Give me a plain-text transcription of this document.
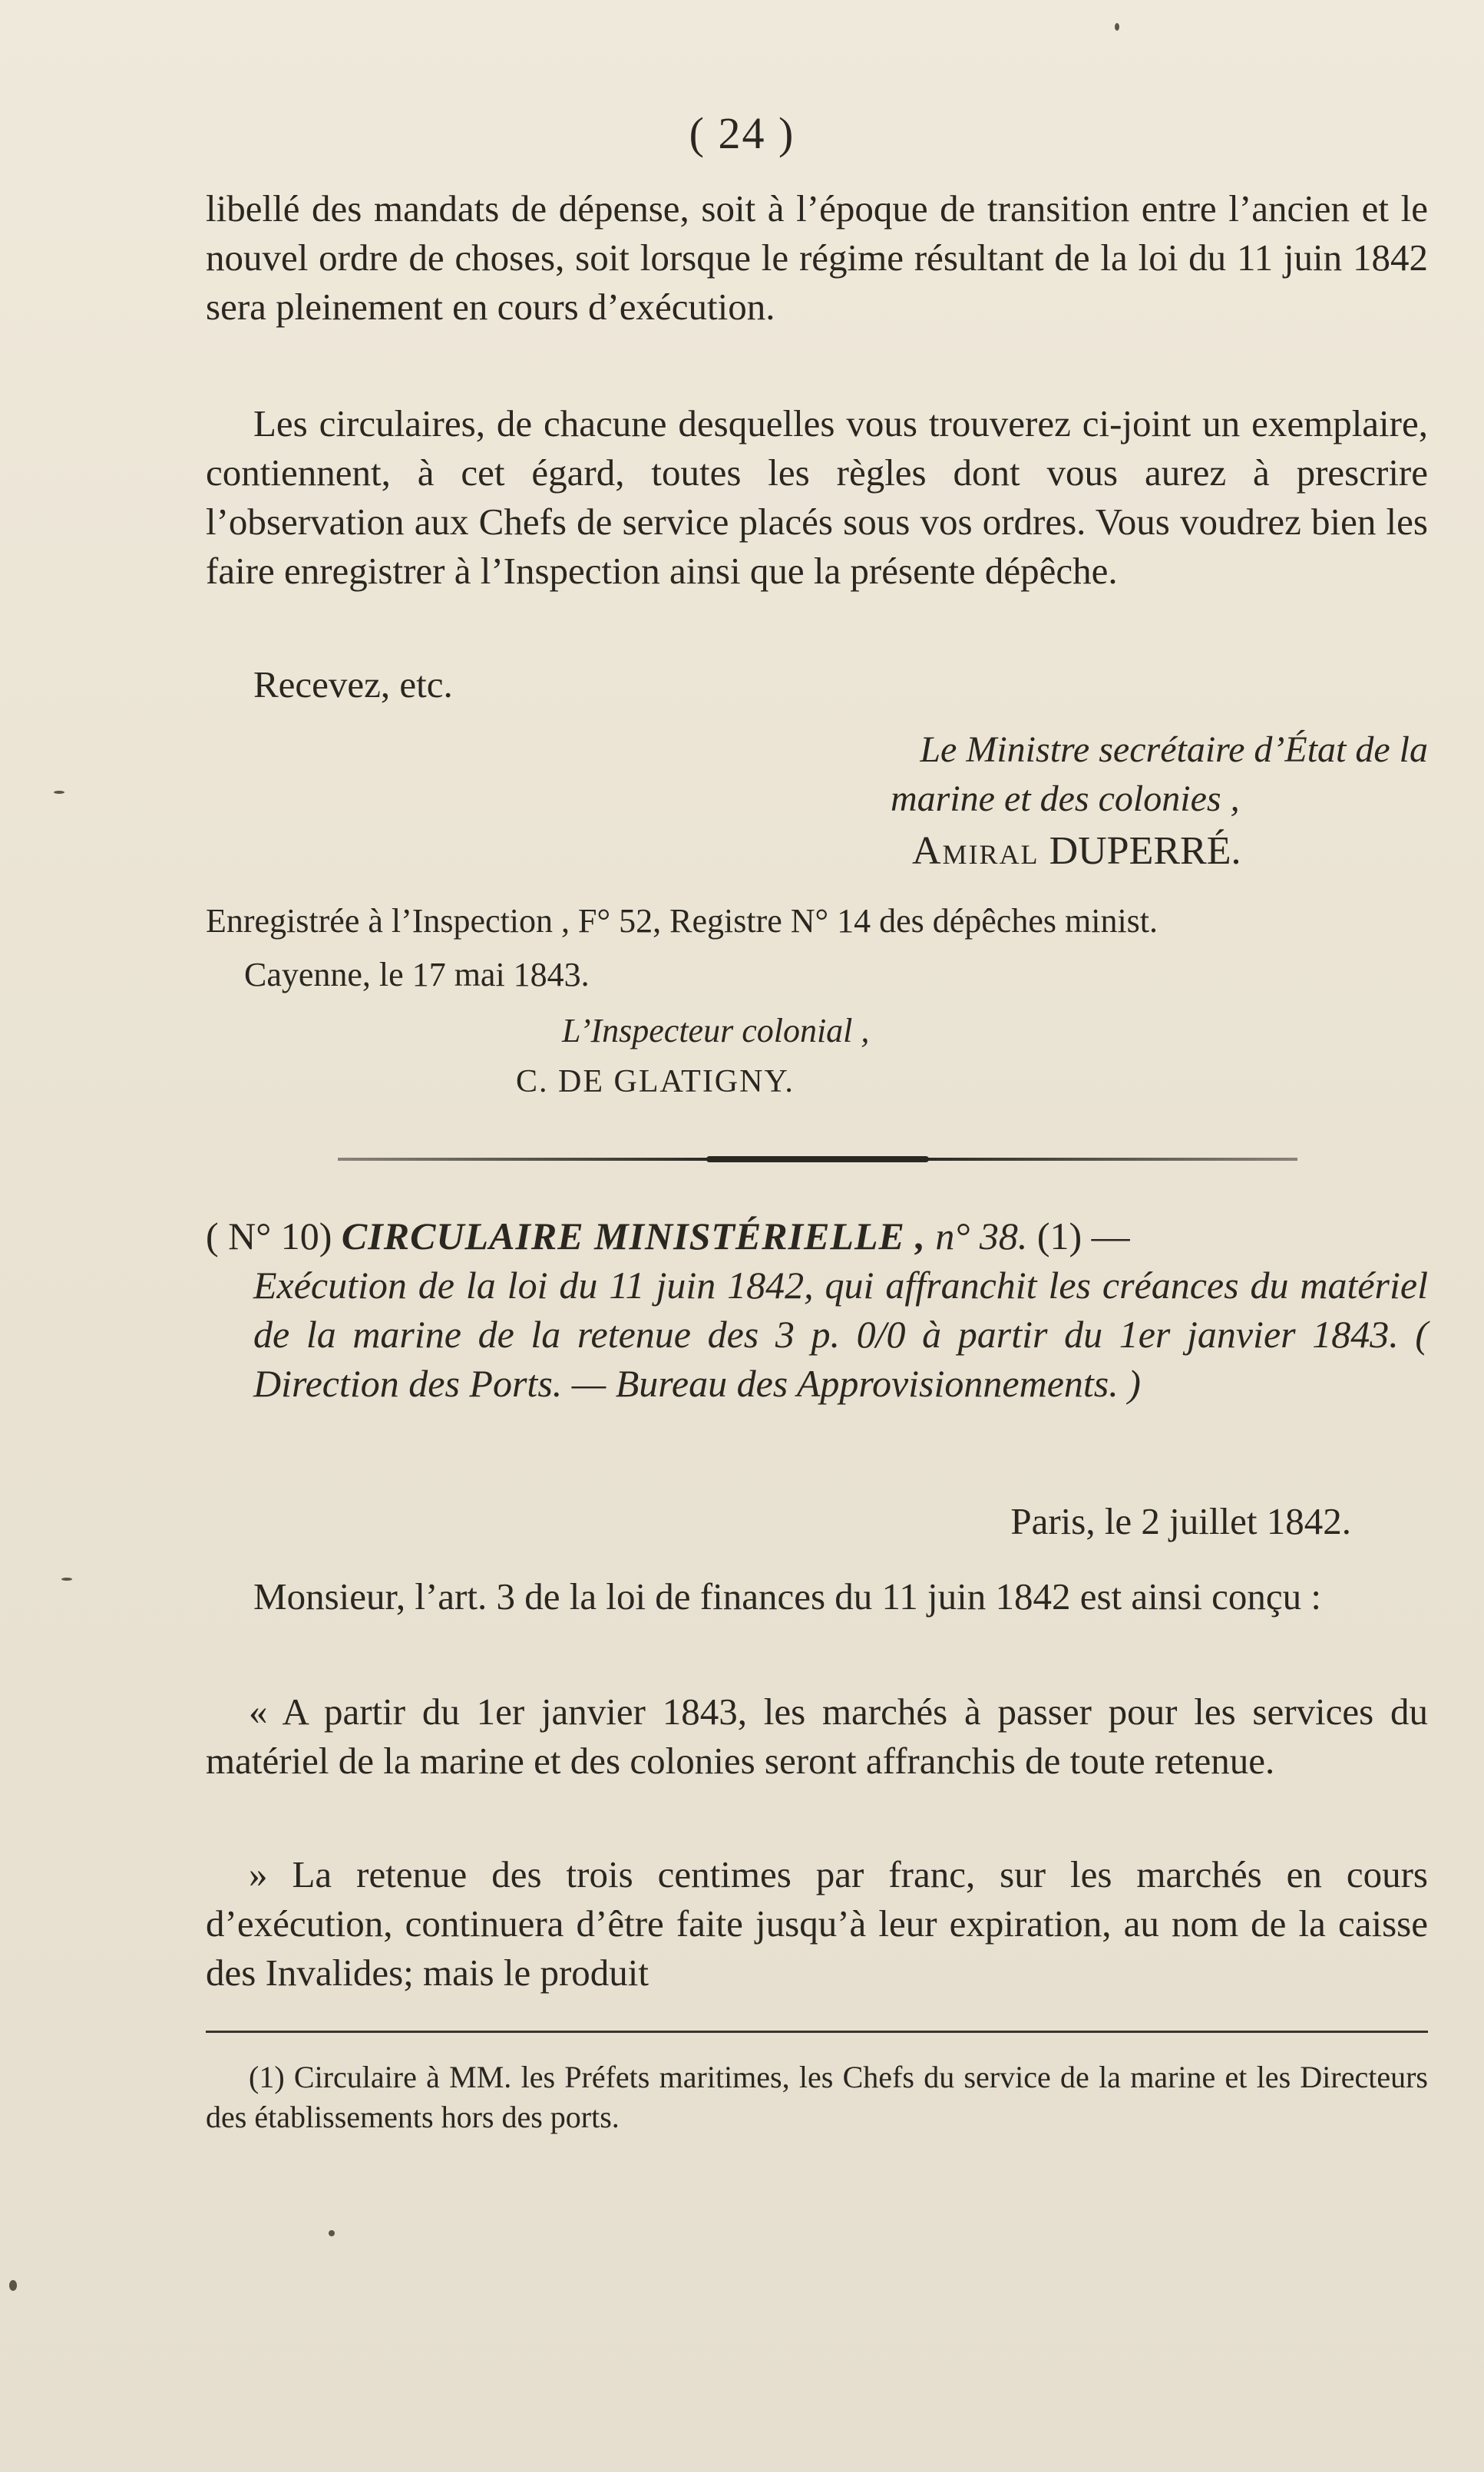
( 24 )

libellé des mandats de dépense, soit à l’époque de transition entre l’ancien et le nouvel ordre de choses, soit lorsque le régime résultant de la loi du 11 juin 1842 sera pleinement en cours d’exécution.

Les circulaires, de chacune desquelles vous trouverez ci-joint un exemplaire, contiennent, à cet égard, toutes les règles dont vous aurez à prescrire l’observation aux Chefs de service placés sous vos ordres. Vous voudrez bien les faire enregistrer à l’Inspection ainsi que la présente dépêche.

Recevez, etc.

Le Ministre secrétaire d’État de la
marine et des colonies ,
Amiral DUPERRÉ.
Enregistrée à l’Inspection , F° 52, Registre N° 14 des dépêches minist.
Cayenne, le 17 mai 1843.
L’Inspecteur colonial ,
C. DE GLATIGNY.
( N° 10) CIRCULAIRE MINISTÉRIELLE , n° 38. (1) —
Exécution de la loi du 11 juin 1842, qui affranchit les créances du matériel de la marine de la retenue des 3 p. 0/0 à partir du 1er janvier 1843. ( Direction des Ports. — Bureau des Approvisionnements. )
Paris, le 2 juillet 1842.

Monsieur, l’art. 3 de la loi de finances du 11 juin 1842 est ainsi conçu :

« A partir du 1er janvier 1843, les marchés à passer pour les services du matériel de la marine et des colonies seront affranchis de toute retenue.

» La retenue des trois centimes par franc, sur les marchés en cours d’exécution, continuera d’être faite jusqu’à leur expiration, au nom de la caisse des Invalides; mais le produit

(1) Circulaire à MM. les Préfets maritimes, les Chefs du service de la marine et les Directeurs des établissements hors des ports.
